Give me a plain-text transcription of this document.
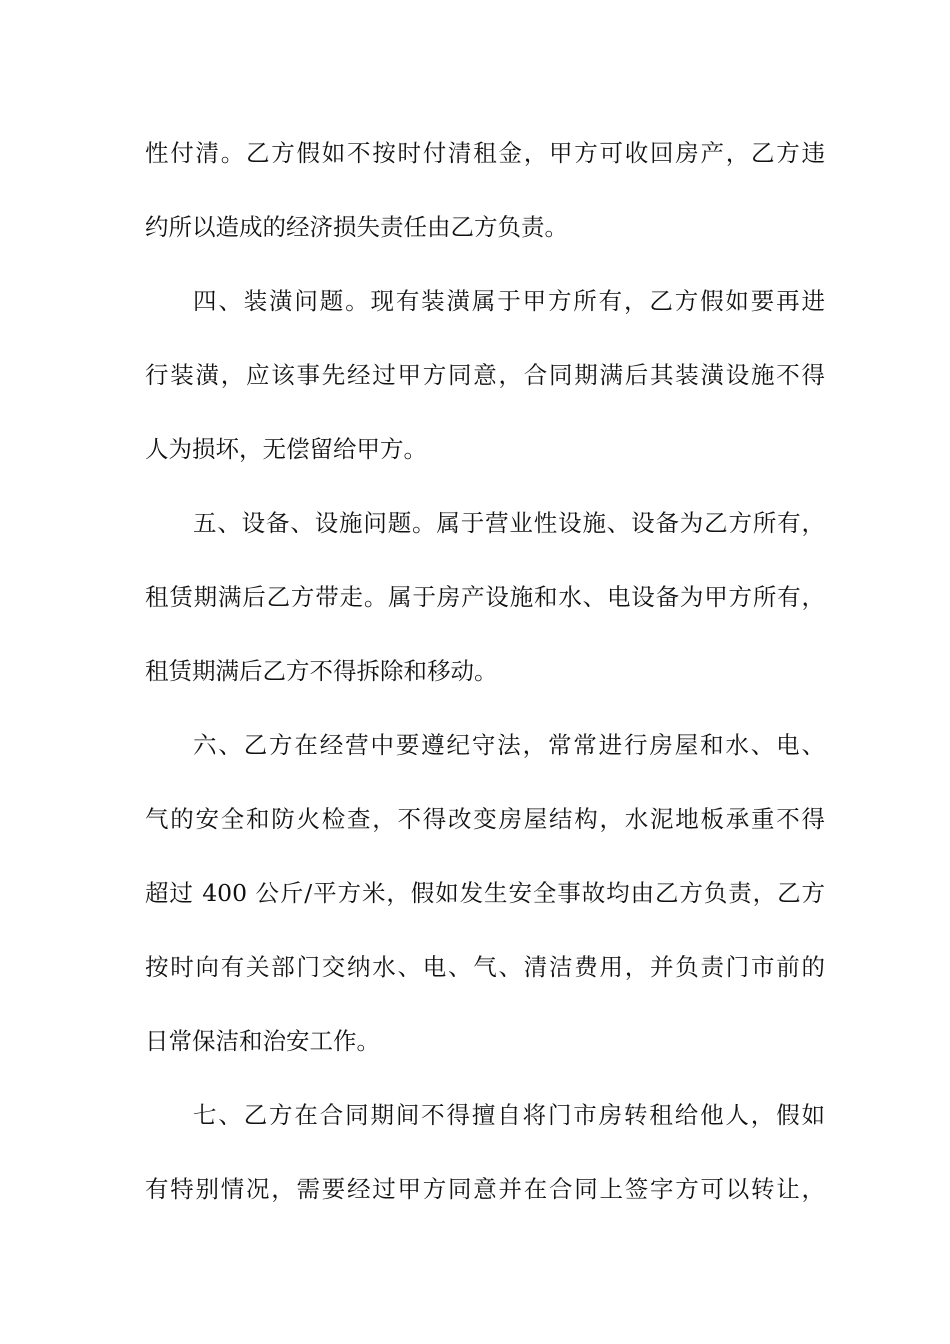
性付清。乙方假如不按时付清租金，甲方可收回房产，乙方违
约所以造成的经济损失责任由乙方负责。
四、装潢问题。现有装潢属于甲方所有，乙方假如要再进
行装潢，应该事先经过甲方同意，合同期满后其装潢设施不得
人为损坏，无偿留给甲方。
五、设备、设施问题。属于营业性设施、设备为乙方所有，
租赁期满后乙方带走。属于房产设施和水、电设备为甲方所有，
租赁期满后乙方不得拆除和移动。
六、乙方在经营中要遵纪守法，常常进行房屋和水、电、
气的安全和防火检查，不得改变房屋结构，水泥地板承重不得
超过 400 公斤/平方米，假如发生安全事故均由乙方负责，乙方
按时向有关部门交纳水、电、气、清洁费用，并负责门市前的
日常保洁和治安工作。
七、乙方在合同期间不得擅自将门市房转租给他人，假如
有特别情况，需要经过甲方同意并在合同上签字方可以转让，
